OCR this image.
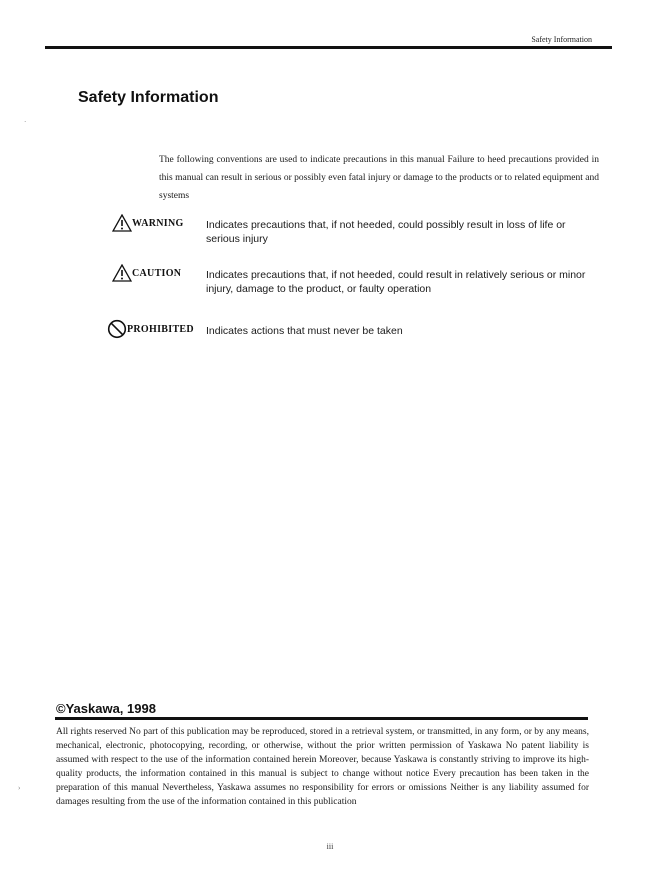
Safety Information
Safety Information
·

The following conventions are used to indicate precautions in this manual Failure to heed precautions provided in this manual can result in serious or possibly even fatal injury or damage to the products or to related equipment and systems

WARNING Indicates precautions that, if not heeded, could possibly result in loss of life or serious injury

CAUTION Indicates precautions that, if not heeded, could result in relatively serious or minor injury, damage to the product, or faulty operation

PROHIBITED Indicates actions that must never be taken

©Yaskawa, 1998

All rights reserved No part of this publication may be reproduced, stored in a retrieval system, or transmitted, in any form, or by any means, mechanical, electronic, photocopying, recording, or otherwise, without the prior written permission of Yaskawa No patent liability is assumed with respect to the use of the information contained herein Moreover, because Yaskawa is constantly striving to improve its high-quality products, the information contained in this manual is subject to change without notice Every precaution has been taken in the preparation of this manual Nevertheless, Yaskawa assumes no responsibility for errors or omissions Neither is any liability assumed for damages resulting from the use of the information contained in this publication

›
iii
